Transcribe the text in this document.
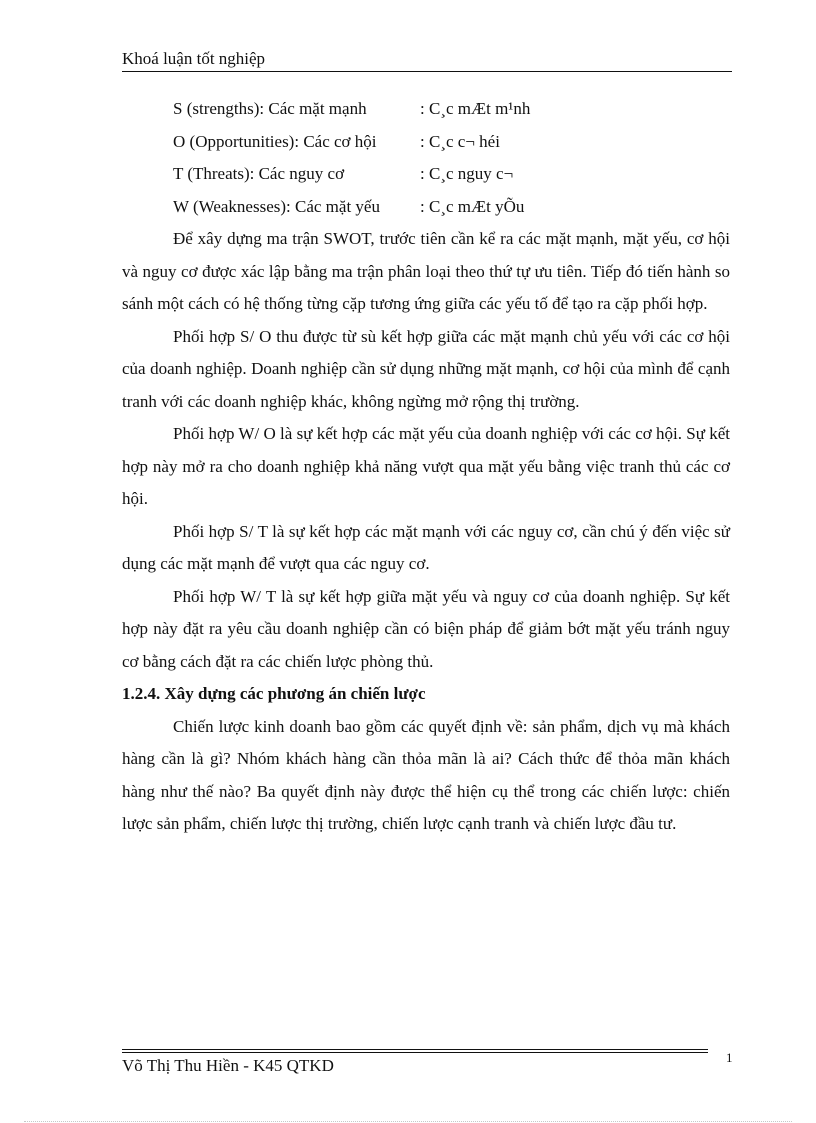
Khoá luận tốt nghiệp
S (strengths): Các mặt mạnh	: C¸c mÆt m¹nh
O (Opportunities): Các cơ hội	: C¸c c¬ héi
T (Threats): Các nguy cơ	: C¸c nguy c¬
W (Weaknesses): Các mặt yếu : C¸c mÆt yÕu

Để xây dựng ma trận SWOT, trước tiên cần kể ra các mặt mạnh, mặt yếu, cơ hội và nguy cơ được xác lập bằng ma trận phân loại theo thứ tự ưu tiên. Tiếp đó tiến hành so sánh một cách có hệ thống từng cặp tương ứng giữa các yếu tố để tạo ra cặp phối hợp.

Phối hợp S/ O thu được từ sù kết hợp giữa các mặt mạnh chủ yếu với các cơ hội của doanh nghiệp. Doanh nghiệp cần sử dụng những mặt mạnh, cơ hội của mình để cạnh tranh với các doanh nghiệp khác, không ngừng mở rộng thị trường.

Phối hợp W/ O là sự kết hợp các mặt yếu của doanh nghiệp với các cơ hội. Sự kết hợp này mở ra cho doanh nghiệp khả năng vượt qua mặt yếu bằng việc tranh thủ các cơ hội.

Phối hợp S/ T là sự kết hợp các mặt mạnh với các nguy cơ, cần chú ý đến việc sử dụng các mặt mạnh để vượt qua các nguy cơ.

Phối hợp W/ T là sự kết hợp giữa mặt yếu và nguy cơ của doanh nghiệp. Sự kết hợp này đặt ra yêu cầu doanh nghiệp cần có biện pháp để giảm bớt mặt yếu tránh nguy cơ bằng cách đặt ra các chiến lược phòng thủ.

1.2.4. Xây dựng các phương án chiến lược

Chiến lược kinh doanh bao gồm các quyết định về: sản phẩm, dịch vụ mà khách hàng cần là gì? Nhóm khách hàng cần thỏa mãn là ai? Cách thức để thỏa mãn khách hàng như thế nào? Ba quyết định này được thể hiện cụ thể trong các chiến lược: chiến lược sản phẩm, chiến lược thị trường, chiến lược cạnh tranh và chiến lược đầu tư.

Võ Thị Thu Hiền - K45 QTKD	1
